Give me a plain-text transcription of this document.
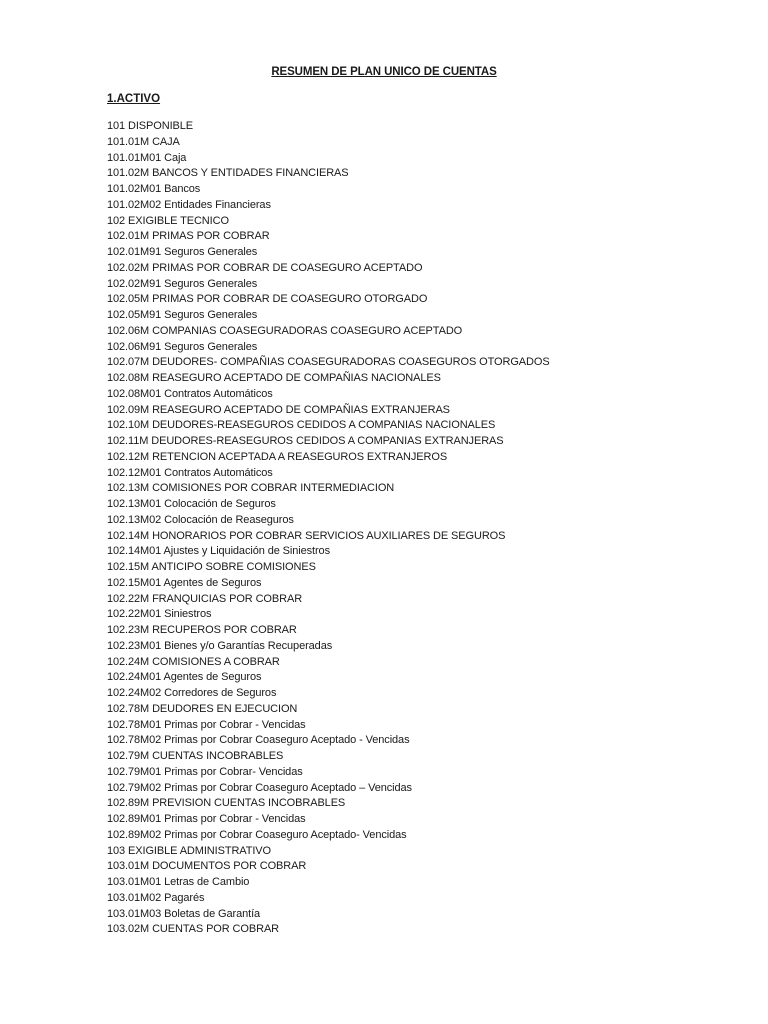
RESUMEN DE PLAN UNICO DE CUENTAS
1.ACTIVO
101 DISPONIBLE
101.01M CAJA
101.01M01 Caja
101.02M BANCOS Y ENTIDADES FINANCIERAS
101.02M01 Bancos
101.02M02 Entidades Financieras
102 EXIGIBLE TECNICO
102.01M PRIMAS POR COBRAR
102.01M91 Seguros Generales
102.02M PRIMAS POR COBRAR DE COASEGURO ACEPTADO
102.02M91 Seguros Generales
102.05M PRIMAS POR COBRAR DE COASEGURO OTORGADO
102.05M91 Seguros Generales
102.06M COMPANIAS COASEGURADORAS COASEGURO ACEPTADO
102.06M91 Seguros Generales
102.07M DEUDORES- COMPAÑIAS COASEGURADORAS COASEGUROS OTORGADOS
102.08M REASEGURO ACEPTADO DE COMPAÑIAS NACIONALES
102.08M01 Contratos Automáticos
102.09M REASEGURO ACEPTADO DE COMPAÑIAS EXTRANJERAS
102.10M DEUDORES-REASEGUROS CEDIDOS A COMPANIAS NACIONALES
102.11M DEUDORES-REASEGUROS CEDIDOS A COMPANIAS EXTRANJERAS
102.12M RETENCION ACEPTADA A REASEGUROS EXTRANJEROS
102.12M01 Contratos Automáticos
102.13M COMISIONES POR COBRAR INTERMEDIACION
102.13M01 Colocación de Seguros
102.13M02 Colocación de Reaseguros
102.14M HONORARIOS POR COBRAR SERVICIOS AUXILIARES DE SEGUROS
102.14M01 Ajustes y Liquidación de Siniestros
102.15M ANTICIPO SOBRE COMISIONES
102.15M01 Agentes de Seguros
102.22M FRANQUICIAS POR COBRAR
102.22M01 Siniestros
102.23M RECUPEROS POR COBRAR
102.23M01 Bienes y/o Garantías Recuperadas
102.24M COMISIONES A COBRAR
102.24M01 Agentes de Seguros
102.24M02 Corredores de Seguros
102.78M DEUDORES EN EJECUCION
102.78M01 Primas por Cobrar - Vencidas
102.78M02 Primas por Cobrar Coaseguro Aceptado - Vencidas
102.79M CUENTAS INCOBRABLES
102.79M01 Primas por Cobrar- Vencidas
102.79M02 Primas por Cobrar Coaseguro Aceptado – Vencidas
102.89M PREVISION CUENTAS INCOBRABLES
102.89M01 Primas por Cobrar - Vencidas
102.89M02 Primas por Cobrar Coaseguro Aceptado- Vencidas
103 EXIGIBLE ADMINISTRATIVO
103.01M DOCUMENTOS POR COBRAR
103.01M01 Letras de Cambio
103.01M02 Pagarés
103.01M03 Boletas de Garantía
103.02M CUENTAS POR COBRAR
